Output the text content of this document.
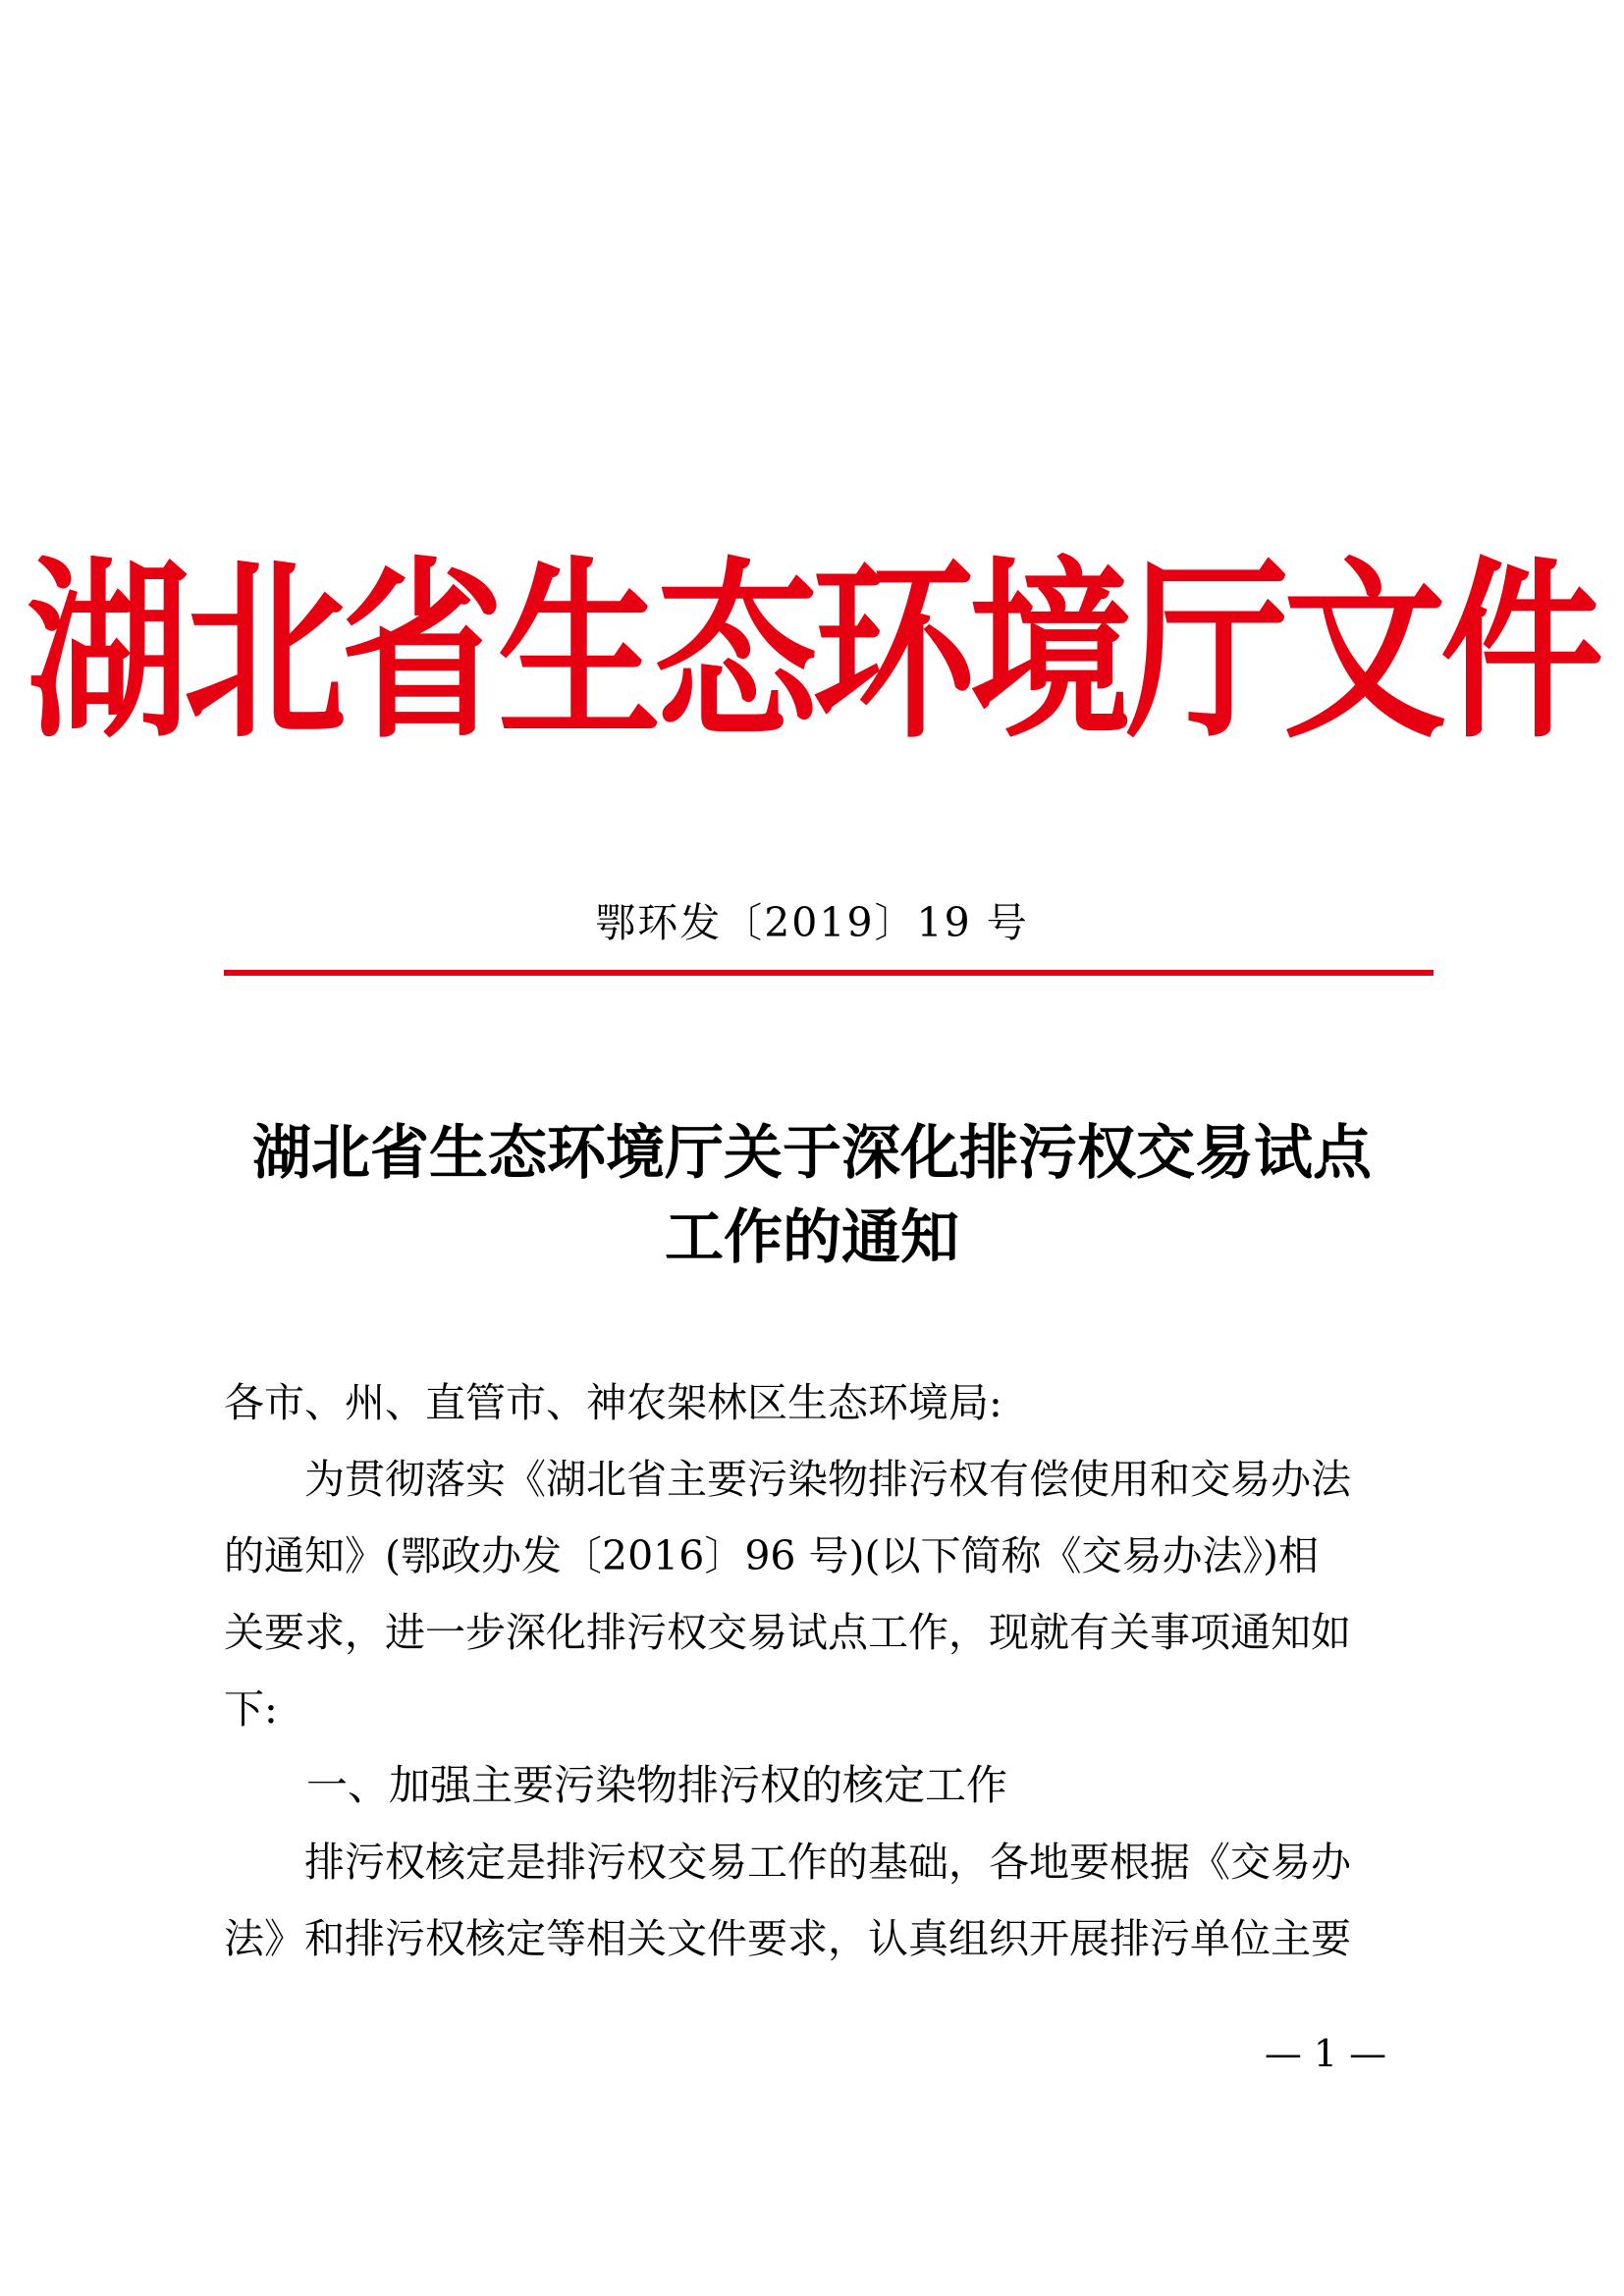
湖北省生态环境厅文件
鄂环发〔2019〕19 号
湖北省生态环境厅关于深化排污权交易试点
工作的通知
各市、州、直管市、神农架林区生态环境局:
　　为贯彻落实《湖北省主要污染物排污权有偿使用和交易办法
的通知》(鄂政办发〔2016〕96 号)(以下简称《交易办法》)相
关要求，进一步深化排污权交易试点工作，现就有关事项通知如
下:
　　一、加强主要污染物排污权的核定工作
　　排污权核定是排污权交易工作的基础，各地要根据《交易办
法》和排污权核定等相关文件要求，认真组织开展排污单位主要
— 1 —
